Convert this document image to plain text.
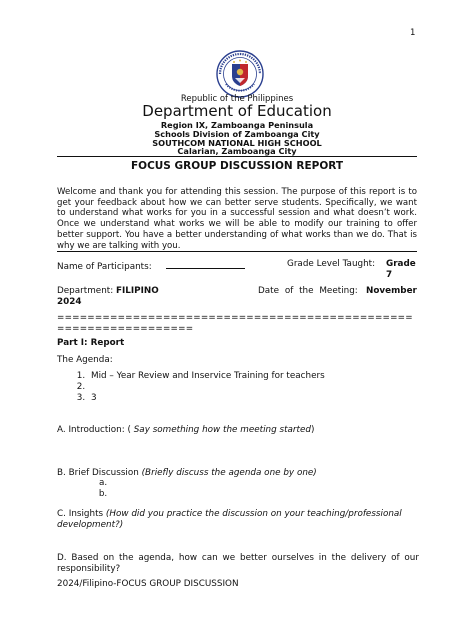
1
Republic of the Philippines
Department of Education
Region IX, Zamboanga Peninsula
Schools Division of Zamboanga City
SOUTHCOM NATIONAL HIGH SCHOOL
Calarian, Zamboanga City
FOCUS GROUP DISCUSSION REPORT
Welcome and thank you for attending this session. The purpose of this report is to get your feedback about how we can better serve students. Specifically, we want to understand what works for you in a successful session and what doesn’t work. Once we understand what works we will be able to modify our training to offer better support. You have a better understanding of what works than we do. That is why we are talking with you.
Name of Participants:	Grade Level Taught: Grade 7
Department: FILIPINO 2024
Date of the Meeting: November
=================================================================
Part I: Report
The Agenda:
1. Mid – Year Review and Inservice Training for teachers
2.
3. 3
A. Introduction: ( Say something how the meeting started)
B. Brief Discussion (Briefly discuss the agenda one by one)
C. Insights (How did you practice the discussion on your teaching/professional development?)
D. Based on the agenda, how can we better ourselves in the delivery of our responsibility?
2024/Filipino-FOCUS GROUP DISCUSSION
